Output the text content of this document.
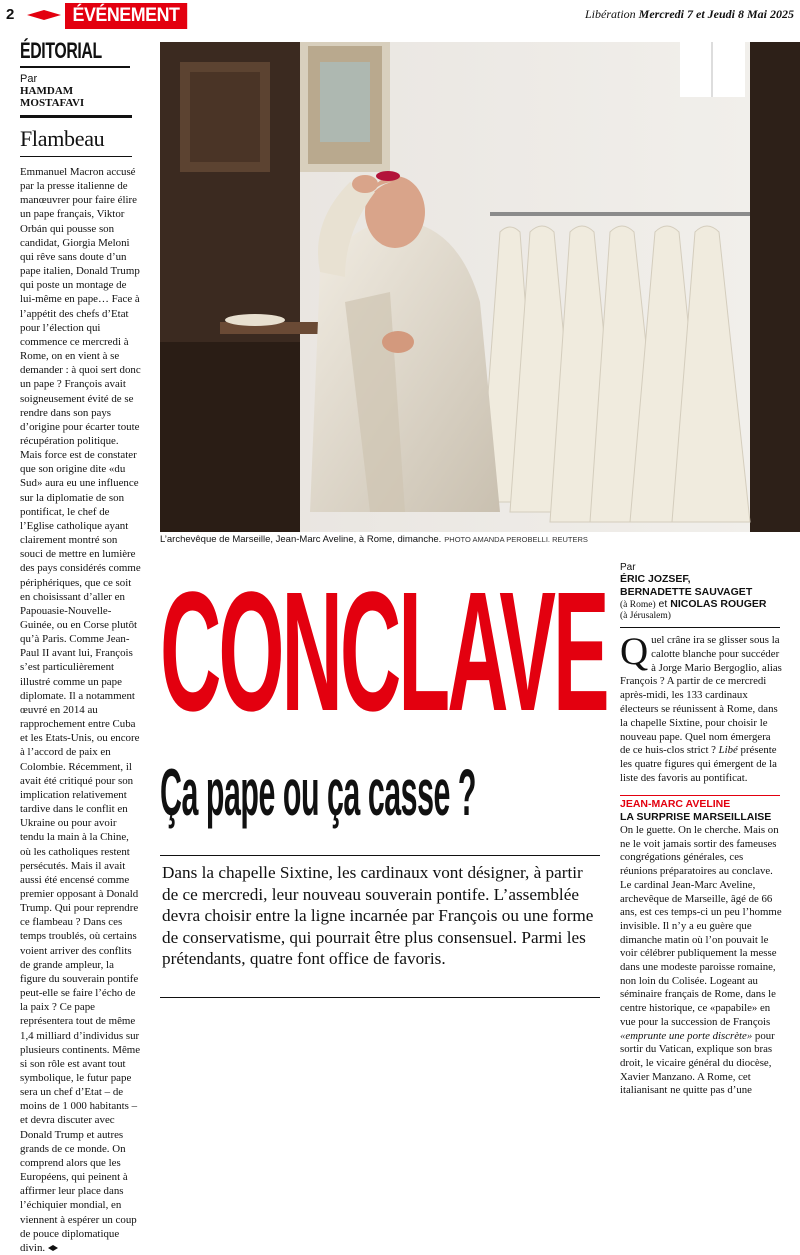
2	ÉVÉNEMENT	Libération Mercredi 7 et Jeudi 8 Mai 2025
ÉDITORIAL
Par
HAMDAM MOSTAFAVI
Flambeau
Emmanuel Macron accusé par la presse italienne de manœuvrer pour faire élire un pape français, Viktor Orbán qui pousse son candidat, Giorgia Meloni qui rêve sans doute d’un pape italien, Donald Trump qui poste un montage de lui-même en pape… Face à l’appétit des chefs d’Etat pour l’élection qui commence ce mercredi à Rome, on en vient à se demander : à quoi sert donc un pape ? François avait soigneusement évité de se rendre dans son pays d’origine pour écarter toute récupération politique. Mais force est de constater que son origine dite «du Sud» aura eu une influence sur la diplomatie de son pontificat, le chef de l’Eglise catholique ayant clairement montré son souci de mettre en lumière des pays considérés comme périphériques, que ce soit en choisissant d’aller en Papouasie-Nouvelle-Guinée, ou en Corse plutôt qu’à Paris. Comme Jean-Paul II avant lui, François s’est particulièrement illustré comme un pape diplomate. Il a notamment œuvré en 2014 au rapprochement entre Cuba et les Etats-Unis, ou encore à l’accord de paix en Colombie. Récemment, il avait été critiqué pour son implication relativement tardive dans le conflit en Ukraine ou pour avoir tendu la main à la Chine, où les catholiques restent persécutés. Mais il avait aussi été encensé comme premier opposant à Donald Trump. Qui pour reprendre ce flambeau ? Dans ces temps troublés, où certains voient arriver des conflits de grande ampleur, la figure du souverain pontife peut-elle se faire l’écho de la paix ? Ce pape représentera tout de même 1,4 milliard d’individus sur plusieurs continents. Même si son rôle est avant tout symbolique, le futur pape sera un chef d’Etat – de moins de 1 000 habitants – et devra discuter avec Donald Trump et autres grands de ce monde. On comprend alors que les Européens, qui peinent à affirmer leur place dans l’échiquier mondial, en viennent à espérer un coup de pouce diplomatique divin.
L’archevêque de Marseille, Jean-Marc Aveline, à Rome, dimanche. PHOTO AMANDA PEROBELLI. REUTERS
CONCLAVE
Ça pape ou ça casse ?
Dans la chapelle Sixtine, les cardinaux vont désigner, à partir de ce mercredi, leur nouveau souverain pontife. L’assemblée devra choisir entre la ligne incarnée par François ou une forme de conservatisme, qui pourrait être plus consensuel. Parmi les prétendants, quatre font office de favoris.
Par
ÉRIC JOZSEF,
BERNADETTE SAUVAGET
(à Rome) et NICOLAS ROUGER
(à Jérusalem)
Quel crâne ira se glisser sous la calotte blanche pour succéder à Jorge Mario Bergoglio, alias François ? A partir de ce mercredi après-midi, les 133 cardinaux électeurs se réunissent à Rome, dans la chapelle Sixtine, pour choisir le nouveau pape. Quel nom émergera de ce huis-clos strict ? Libé présente les quatre figures qui émergent de la liste des favoris au pontificat.
JEAN-MARC AVELINE
LA SURPRISE MARSEILLAISE
On le guette. On le cherche. Mais on ne le voit jamais sortir des fameuses congrégations générales, ces réunions préparatoires au conclave. Le cardinal Jean-Marc Aveline, archevêque de Marseille, âgé de 66 ans, est ces temps-ci un peu l’homme invisible. Il n’y a eu guère que dimanche matin où l’on pouvait le voir célébrer publiquement la messe dans une modeste paroisse romaine, non loin du Colisée. Logeant au séminaire français de Rome, dans le centre historique, ce «papabile» en vue pour la succession de François «emprunte une porte discrète» pour sortir du Vatican, explique son bras droit, le vicaire général du diocèse, Xavier Manzano. A Rome, cet italianisant ne quitte pas d’une
